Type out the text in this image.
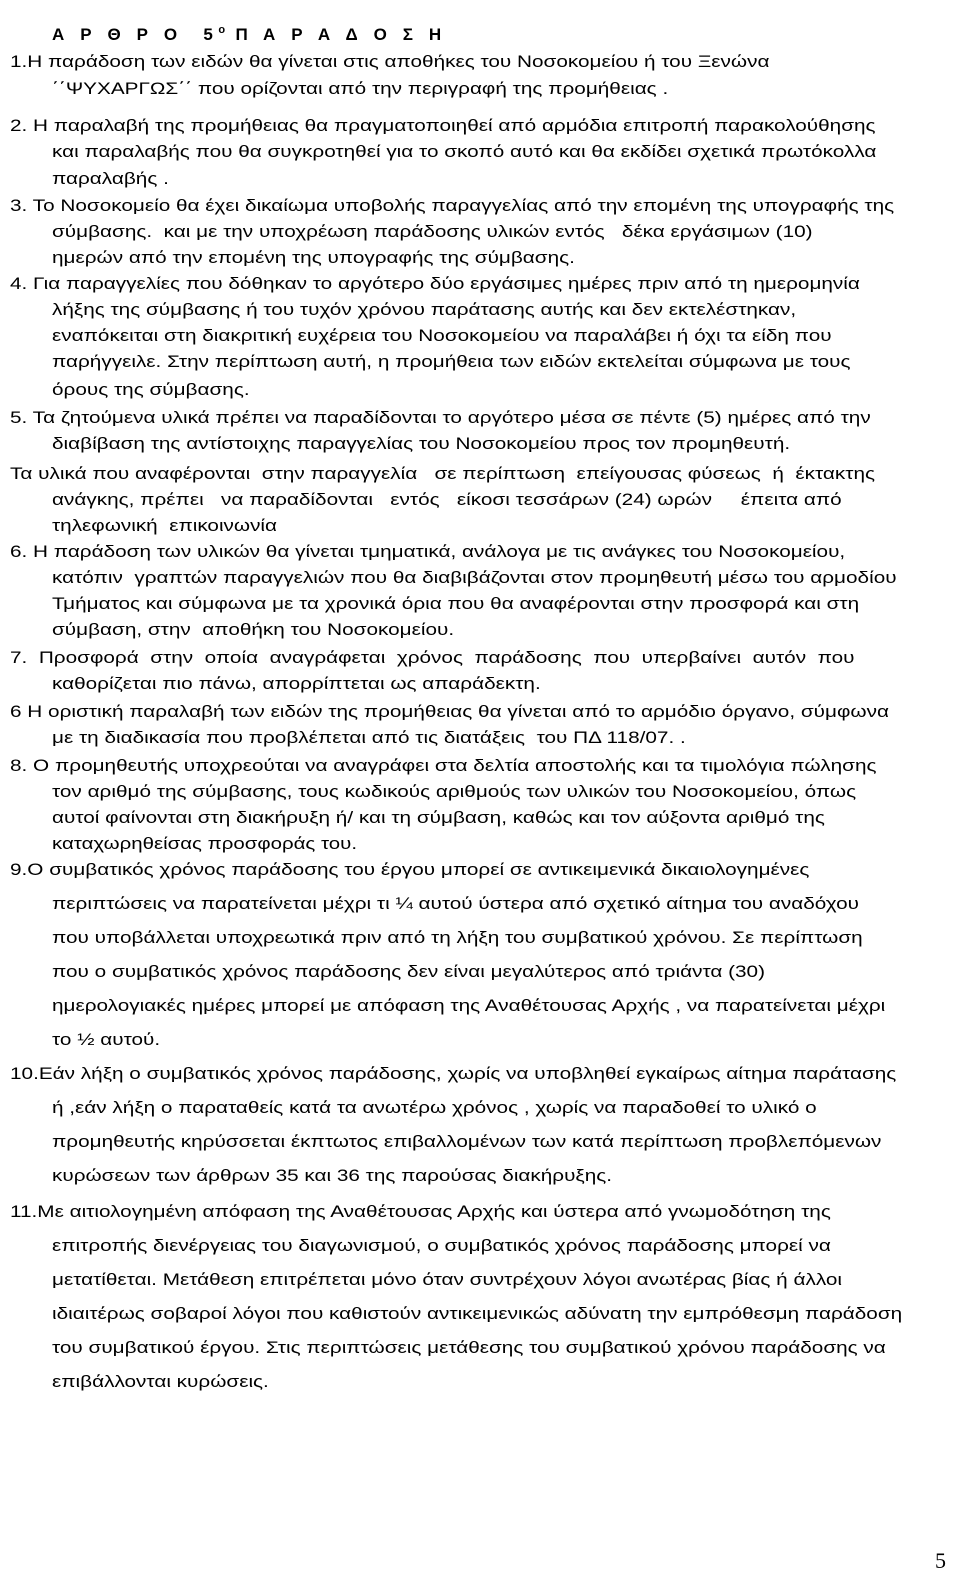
Α Ρ Θ Ρ Ο  $5^o$ Π Α Ρ Α Δ Ο Σ Η

1.Η παράδοση των ειδών θα γίνεται στις αποθήκες του Νοσοκομείου ή του Ξενώνα
΄΄ΨΥΧΑΡΓΩΣ΄΄ που ορίζονται από την περιγραφή της προμήθειας .
2. Η παραλαβή της προμήθειας θα πραγματοποιηθεί από αρμόδια επιτροπή παρακολούθησης
και παραλαβής που θα συγκροτηθεί για το σκοπό αυτό και θα εκδίδει σχετικά πρωτόκολλα
παραλαβής .
3. Το Νοσοκομείο θα έχει δικαίωμα υποβολής παραγγελίας από την επομένη της υπογραφής της
σύμβασης.  και με την υποχρέωση παράδοσης υλικών εντός   δέκα εργάσιμων (10)
ημερών από την επομένη της υπογραφής της σύμβασης.
4. Για παραγγελίες που δόθηκαν το αργότερο δύο εργάσιμες ημέρες πριν από τη ημερομηνία
λήξης της σύμβασης ή του τυχόν χρόνου παράτασης αυτής και δεν εκτελέστηκαν,
εναπόκειται στη διακριτική ευχέρεια του Νοσοκομείου να παραλάβει ή όχι τα είδη που
παρήγγειλε. Στην περίπτωση αυτή, η προμήθεια των ειδών εκτελείται σύμφωνα με τους
όρους της σύμβασης.
5. Τα ζητούμενα υλικά πρέπει να παραδίδονται το αργότερο μέσα σε πέντε (5) ημέρες από την
διαβίβαση της αντίστοιχης παραγγελίας του Νοσοκομείου προς τον προμηθευτή.
Τα υλικά που αναφέρονται  στην παραγγελία   σε περίπτωση  επείγουσας φύσεως  ή  έκτακτης
ανάγκης, πρέπει   να παραδίδονται   εντός   είκοσι τεσσάρων (24) ωρών     έπειτα από
τηλεφωνική  επικοινωνία
6. Η παράδοση των υλικών θα γίνεται τμηματικά, ανάλογα με τις ανάγκες του Νοσοκομείου,
κατόπιν  γραπτών παραγγελιών που θα διαβιβάζονται στον προμηθευτή μέσω του αρμοδίου
Τμήματος και σύμφωνα με τα χρονικά όρια που θα αναφέρονται στην προσφορά και στη
σύμβαση, στην  αποθήκη του Νοσοκομείου.
7.  Προσφορά  στην  οποία  αναγράφεται  χρόνος  παράδοσης  που  υπερβαίνει  αυτόν  που
καθορίζεται πιο πάνω, απορρίπτεται ως απαράδεκτη.
6 Η οριστική παραλαβή των ειδών της προμήθειας θα γίνεται από το αρμόδιο όργανο, σύμφωνα
με τη διαδικασία που προβλέπεται από τις διατάξεις  του ΠΔ 118/07. .
8. Ο προμηθευτής υποχρεούται να αναγράφει στα δελτία αποστολής και τα τιμολόγια πώλησης
τον αριθμό της σύμβασης, τους κωδικούς αριθμούς των υλικών του Νοσοκομείου, όπως
αυτοί φαίνονται στη διακήρυξη ή/ και τη σύμβαση, καθώς και τον αύξοντα αριθμό της
καταχωρηθείσας προσφοράς του.
9.Ο συμβατικός χρόνος παράδοσης του έργου μπορεί σε αντικειμενικά δικαιολογημένες
περιπτώσεις να παρατείνεται μέχρι τι ¼ αυτού ύστερα από σχετικό αίτημα του αναδόχου
που υποβάλλεται υποχρεωτικά πριν από τη λήξη του συμβατικού χρόνου. Σε περίπτωση
που ο συμβατικός χρόνος παράδοσης δεν είναι μεγαλύτερος από τριάντα (30)
ημερολογιακές ημέρες μπορεί με απόφαση της Αναθέτουσας Αρχής , να παρατείνεται μέχρι
το ½ αυτού.
10.Εάν λήξη ο συμβατικός χρόνος παράδοσης, χωρίς να υποβληθεί εγκαίρως αίτημα παράτασης
ή ,εάν λήξη ο παραταθείς κατά τα ανωτέρω χρόνος , χωρίς να παραδοθεί το υλικό ο
προμηθευτής κηρύσσεται έκπτωτος επιβαλλομένων των κατά περίπτωση προβλεπόμενων
κυρώσεων των άρθρων 35 και 36 της παρούσας διακήρυξης.
11.Με αιτιολογημένη απόφαση της Αναθέτουσας Αρχής και ύστερα από γνωμοδότηση της
επιτροπής διενέργειας του διαγωνισμού, ο συμβατικός χρόνος παράδοσης μπορεί να
μετατίθεται. Μετάθεση επιτρέπεται μόνο όταν συντρέχουν λόγοι ανωτέρας βίας ή άλλοι
ιδιαιτέρως σοβαροί λόγοι που καθιστούν αντικειμενικώς αδύνατη την εμπρόθεσμη παράδοση
του συμβατικού έργου. Στις περιπτώσεις μετάθεσης του συμβατικού χρόνου παράδοσης να
επιβάλλονται κυρώσεις.
5
